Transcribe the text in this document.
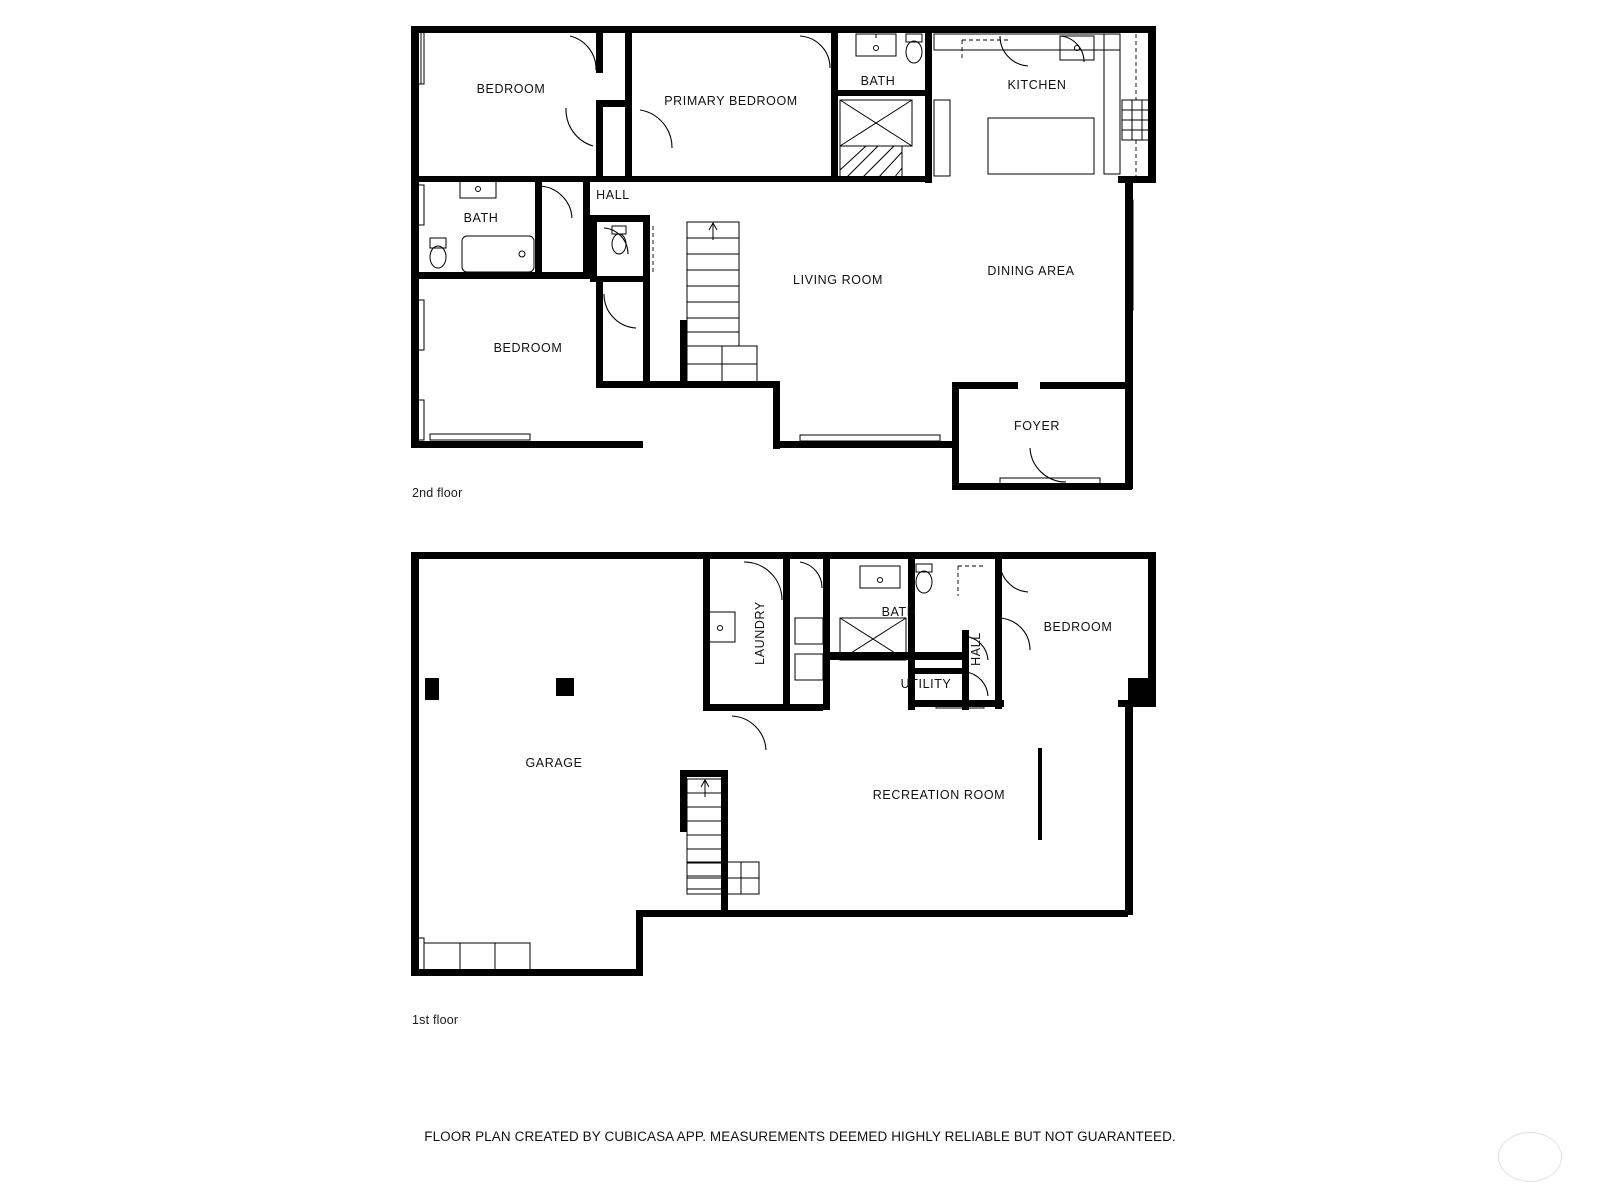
2nd floor
BEDROOM
PRIMARY BEDROOM
BATH	KITCHEN
HALL
BATH
LIVING ROOM
DINING AREA
BEDROOM
FOYER
1st floor
LAUNDRY	BATH
BEDROOM
HALL
UTILITY
GARAGE
RECREATION ROOM
FLOOR PLAN CREATED BY CUBICASA APP. MEASUREMENTS DEEMED HIGHLY RELIABLE BUT NOT GUARANTEED.
